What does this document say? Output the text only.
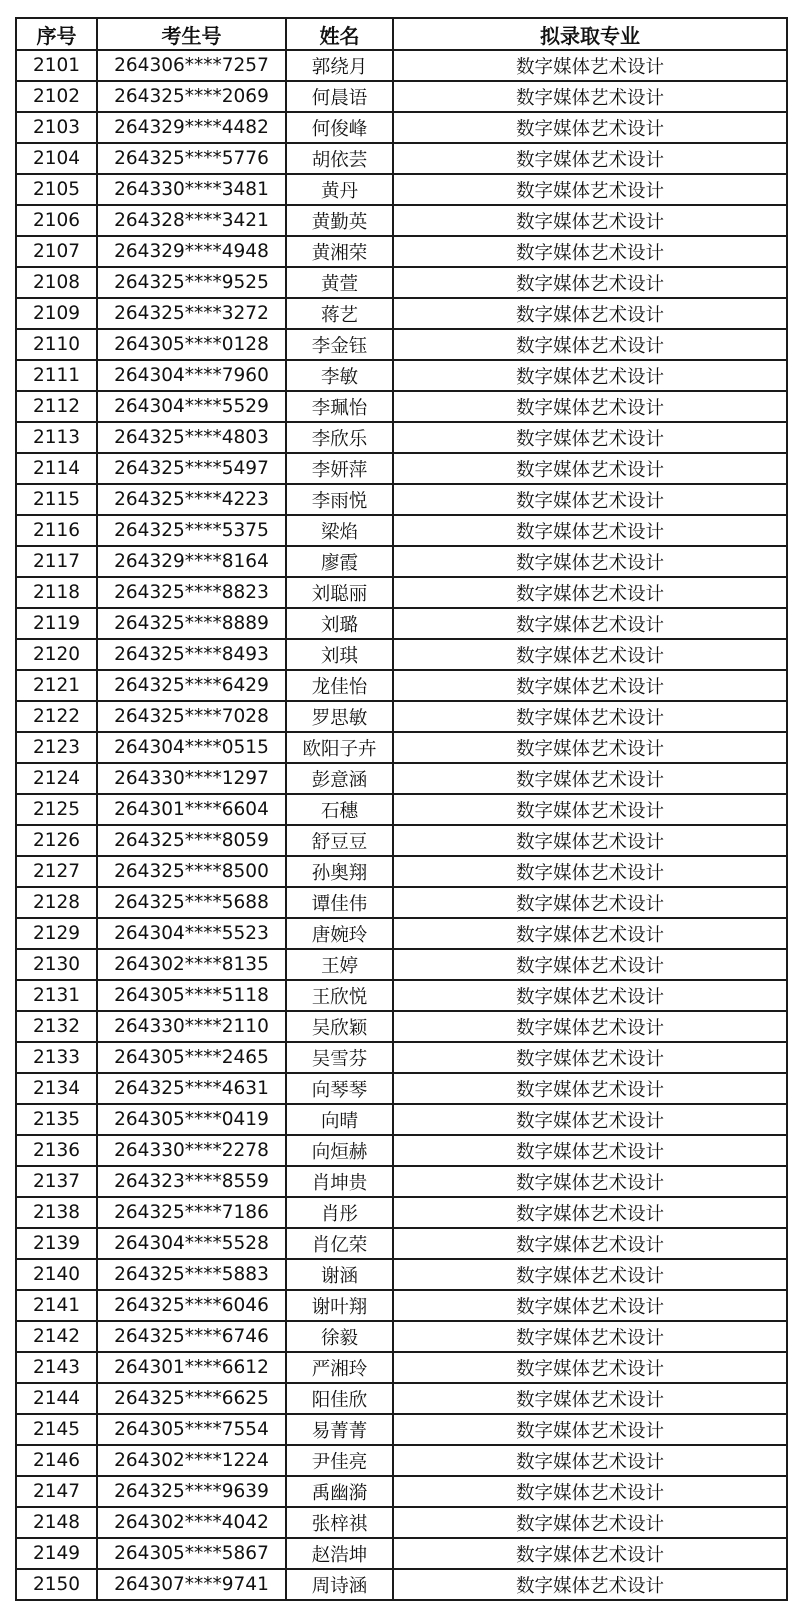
序号	考生号	姓名	拟录取专业
2101	264306****7257	郭绕月	数字媒体艺术设计
2102	264325****2069	何晨语	数字媒体艺术设计
2103	264329****4482	何俊峰	数字媒体艺术设计
2104	264325****5776	胡依芸	数字媒体艺术设计
2105	264330****3481	黄丹	数字媒体艺术设计
2106	264328****3421	黄勤英	数字媒体艺术设计
2107	264329****4948	黄湘荣	数字媒体艺术设计
2108	264325****9525	黄萱	数字媒体艺术设计
2109	264325****3272	蒋艺	数字媒体艺术设计
2110	264305****0128	李金钰	数字媒体艺术设计
2111	264304****7960	李敏	数字媒体艺术设计
2112	264304****5529	李珮怡	数字媒体艺术设计
2113	264325****4803	李欣乐	数字媒体艺术设计
2114	264325****5497	李妍萍	数字媒体艺术设计
2115	264325****4223	李雨悦	数字媒体艺术设计
2116	264325****5375	梁焰	数字媒体艺术设计
2117	264329****8164	廖霞	数字媒体艺术设计
2118	264325****8823	刘聪丽	数字媒体艺术设计
2119	264325****8889	刘璐	数字媒体艺术设计
2120	264325****8493	刘琪	数字媒体艺术设计
2121	264325****6429	龙佳怡	数字媒体艺术设计
2122	264325****7028	罗思敏	数字媒体艺术设计
2123	264304****0515	欧阳子卉	数字媒体艺术设计
2124	264330****1297	彭意涵	数字媒体艺术设计
2125	264301****6604	石穗	数字媒体艺术设计
2126	264325****8059	舒豆豆	数字媒体艺术设计
2127	264325****8500	孙奥翔	数字媒体艺术设计
2128	264325****5688	谭佳伟	数字媒体艺术设计
2129	264304****5523	唐婉玲	数字媒体艺术设计
2130	264302****8135	王婷	数字媒体艺术设计
2131	264305****5118	王欣悦	数字媒体艺术设计
2132	264330****2110	吴欣颖	数字媒体艺术设计
2133	264305****2465	吴雪芬	数字媒体艺术设计
2134	264325****4631	向琴琴	数字媒体艺术设计
2135	264305****0419	向晴	数字媒体艺术设计
2136	264330****2278	向烜赫	数字媒体艺术设计
2137	264323****8559	肖坤贵	数字媒体艺术设计
2138	264325****7186	肖彤	数字媒体艺术设计
2139	264304****5528	肖亿荣	数字媒体艺术设计
2140	264325****5883	谢涵	数字媒体艺术设计
2141	264325****6046	谢叶翔	数字媒体艺术设计
2142	264325****6746	徐毅	数字媒体艺术设计
2143	264301****6612	严湘玲	数字媒体艺术设计
2144	264325****6625	阳佳欣	数字媒体艺术设计
2145	264305****7554	易菁菁	数字媒体艺术设计
2146	264302****1224	尹佳亮	数字媒体艺术设计
2147	264325****9639	禹幽漪	数字媒体艺术设计
2148	264302****4042	张梓祺	数字媒体艺术设计
2149	264305****5867	赵浩坤	数字媒体艺术设计
2150	264307****9741	周诗涵	数字媒体艺术设计
